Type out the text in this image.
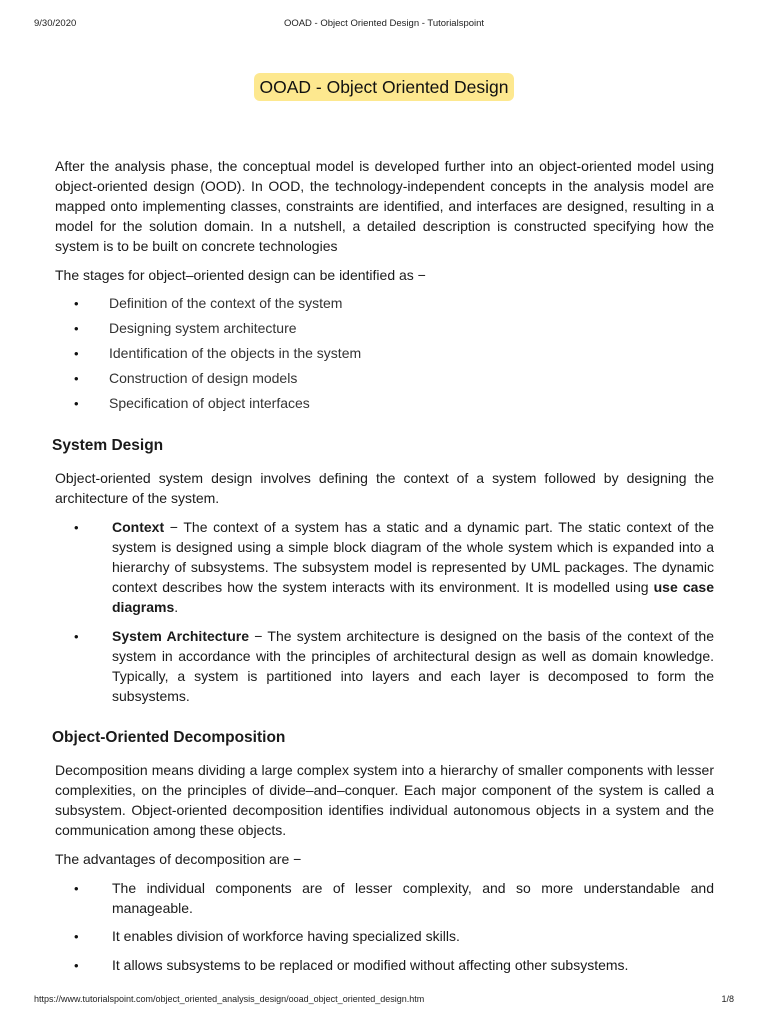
9/30/2020	OOAD - Object Oriented Design - Tutorialspoint
OOAD - Object Oriented Design

After the analysis phase, the conceptual model is developed further into an object-oriented model using object-oriented design (OOD). In OOD, the technology-independent concepts in the analysis model are mapped onto implementing classes, constraints are identified, and interfaces are designed, resulting in a model for the solution domain. In a nutshell, a detailed description is constructed specifying how the system is to be built on concrete technologies

The stages for object–oriented design can be identified as −

• Definition of the context of the system
• Designing system architecture
• Identification of the objects in the system
• Construction of design models
• Specification of object interfaces
System Design

Object-oriented system design involves defining the context of a system followed by designing the architecture of the system.

• Context − The context of a system has a static and a dynamic part. The static context of the system is designed using a simple block diagram of the whole system which is expanded into a hierarchy of subsystems. The subsystem model is represented by UML packages. The dynamic context describes how the system interacts with its environment. It is modelled using use case diagrams.
• System Architecture − The system architecture is designed on the basis of the context of the system in accordance with the principles of architectural design as well as domain knowledge. Typically, a system is partitioned into layers and each layer is decomposed to form the subsystems.
Object-Oriented Decomposition

Decomposition means dividing a large complex system into a hierarchy of smaller components with lesser complexities, on the principles of divide–and–conquer. Each major component of the system is called a subsystem. Object-oriented decomposition identifies individual autonomous objects in a system and the communication among these objects.

The advantages of decomposition are −

• The individual components are of lesser complexity, and so more understandable and manageable.
• It enables division of workforce having specialized skills.
• It allows subsystems to be replaced or modified without affecting other subsystems.
https://www.tutorialspoint.com/object_oriented_analysis_design/ooad_object_oriented_design.htm	1/8
